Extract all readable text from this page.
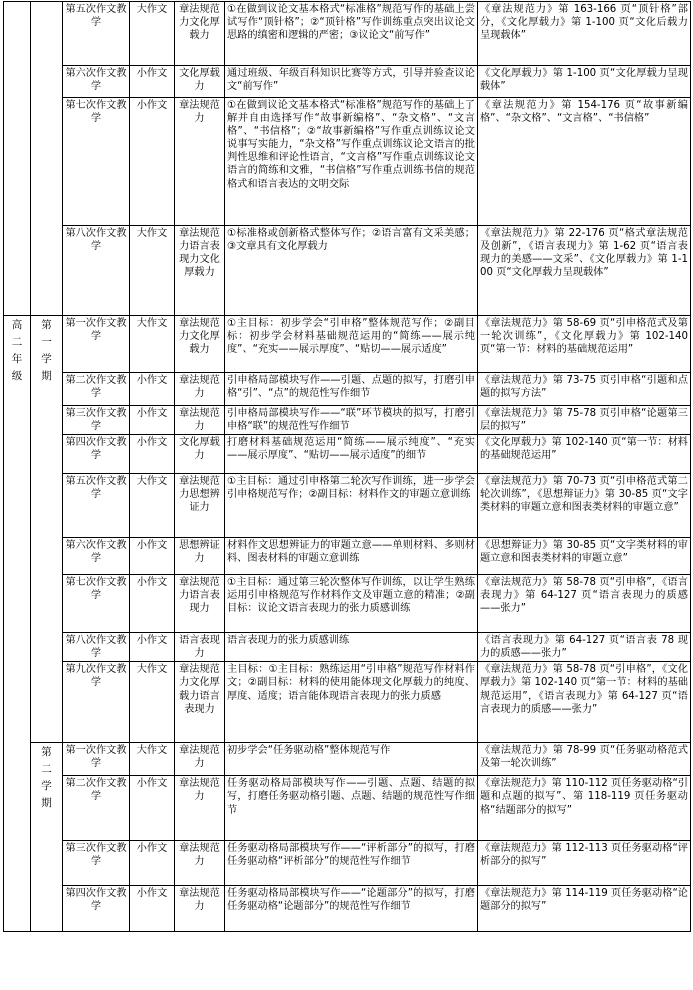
		第五次作文教学	大作文	章法规范力文化厚载力	①在做到议论文基本格式“标准格”规范写作的基础上尝试写作“顶针格”；②“顶针格”写作训练重点突出议论文思路的缜密和逻辑的严密；③议论文“前写作”	《章法规范力》第 163-166 页“顶针格”部分，《文化厚载力》第 1-100 页“文化后载力呈现载体”
		第六次作文教学	小作文	文化厚载力	通过班级、年级百科知识比赛等方式，引导并验查议论文“前写作”	《文化厚载力》第 1-100 页“文化厚载力呈现载体”
		第七次作文教学	小作文	章法规范力	①在做到议论文基本格式“标准格”规范写作的基础上了解并自由选择写作“故事新编格”、“杂文格”、“文言格”、“书信格”；②“故事新编格”写作重点训练议论文说事写实能力，“杂文格”写作重点训练议论文语言的批判性思维和评论性语言，“文言格”写作重点训练议论文语言的简练和文雅，“书信格”写作重点训练书信的规范格式和语言表达的文明交际	《章法规范力》第 154-176 页“故事新编格”、“杂文格”、“文言格”、“书信格”
		第八次作文教学	大作文	章法规范力语言表现力文化厚载力	①标准格或创新格式整体写作；②语言富有文采美感；③文章具有文化厚载力	《章法规范力》第 22-176 页“格式章法规范及创新”，《语言表现力》第 1-62 页“语言表现力的美感——文采”、《文化厚载力》第 1-100 页“文化厚载力呈现载体”
高二年级	第一学期	第一次作文教学	大作文	章法规范力文化厚载力	①主目标：初步学会“引申格”整体规范写作；②副目标：初步学会材料基础规范运用的“简练——展示纯度”、“充实——展示厚度”、“贴切——展示适度”	《章法规范力》第 58-69 页“引申格范式及第一轮次训练”，《文化厚载力》第 102-140 页“第一节：材料的基础规范运用”
		第二次作文教学	小作文	章法规范力	引申格局部模块写作——引题、点题的拟写，打磨引申格“引”、“点”的规范性写作细节	《章法规范力》第 73-75 页引申格“引题和点题的拟写方法”
		第三次作文教学	小作文	章法规范力	引申格局部模块写作——“联”环节模块的拟写，打磨引申格“联”的规范性写作细节	《章法规范力》第 75-78 页引申格“论题第三层的拟写”
		第四次作文教学	小作文	文化厚载力	打磨材料基础规范运用“简练——展示纯度”、“充实——展示厚度”、“贴切——展示适度”的细节	《文化厚载力》第 102-140 页“第一节：材料的基础规范运用”
		第五次作文教学	大作文	章法规范力思想辨证力	①主目标：通过引申格第二轮次写作训练，进一步学会引申格规范写作；②副目标：材料作文的审题立意训练	《章法规范力》第 70-73 页“引申格范式第二轮次训练”，《思想辩证力》第 30-85 页“文字类材料的审题立意和图表类材料的审题立意”
		第六次作文教学	小作文	思想辨证力	材料作文思想辨证力的审题立意——单则材料、多则材料、图表材料的审题立意训练	《思想辩证力》第 30-85 页“文字类材料的审题立意和图表类材料的审题立意”
		第七次作文教学	小作文	章法规范力语言表现力	①主目标：通过第三轮次整体写作训练，以让学生熟练运用引申格规范写作材料作文及审题立意的精准；②副目标：议论文语言表现力的张力质感训练	《章法规范力》第 58-78 页“引申格”，《语言表现力》第 64-127 页“语言表现力的质感——张力”
		第八次作文教学	小作文	语言表现力	语言表现力的张力质感训练	《语言表现力》第 64-127 页“语言表 78 现力的质感——张力”
		第九次作文教学	大作文	章法规范力文化厚载力语言表现力	主目标：①主目标：熟练运用“引申格”规范写作材料作文；②副目标：材料的使用能体现文化厚载力的纯度、厚度、适度；语言能体现语言表现力的张力质感	《章法规范力》第 58-78 页“引申格”，《文化厚载力》第 102-140 页“第一节：材料的基础规范运用”，《语言表现力》第 64-127 页“语言表现力的质感——张力”
	第二学期	第一次作文教学	大作文	章法规范力	初步学会“任务驱动格”整体规范写作	《章法规范力》第 78-99 页“任务驱动格范式及第一轮次训练”
		第二次作文教学	小作文	章法规范力	任务驱动格局部模块写作——引题、点题、结题的拟写，打磨任务驱动格引题、点题、结题的规范性写作细节	《章法规范力》第 110-112 页任务驱动格“引题和点题的拟写”、第 118-119 页任务驱动格“结题部分的拟写”
		第三次作文教学	小作文	章法规范力	任务驱动格局部模块写作——“评析部分”的拟写，打磨任务驱动格“评析部分”的规范性写作细节	《章法规范力》第 112-113 页任务驱动格“评析部分的拟写”
		第四次作文教学	小作文	章法规范力	任务驱动格局部模块写作——“论题部分”的拟写，打磨任务驱动格“论题部分”的规范性写作细节	《章法规范力》第 114-119 页任务驱动格“论题部分的拟写”
